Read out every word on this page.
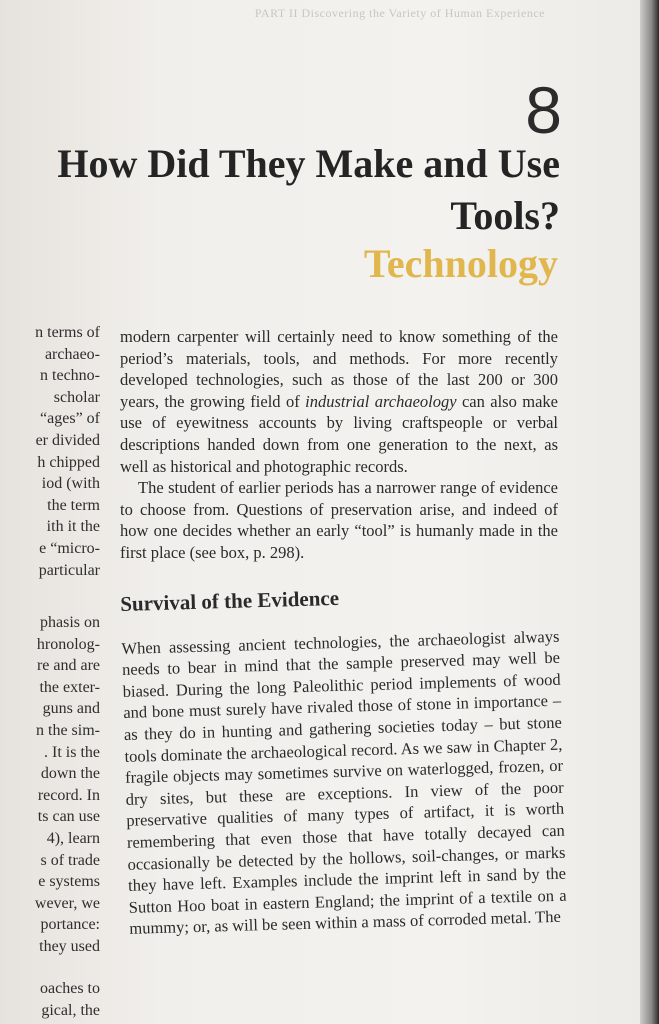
PART II Discovering the Variety of Human Experience
8
How Did They Make and Use Tools?
Technology
n terms of
archaeo-
n techno-
scholar
“ages” of
er divided
h chipped
iod (with
the term
ith it the
e “micro-
particular
phasis on
hronolog-
re and are
the exter-
guns and
n the sim-
. It is the
down the
record. In
ts can use
4), learn
s of trade
e systems
wever, we
portance:
they used
oaches to
gical, the

modern carpenter will certainly need to know something of the period’s materials, tools, and methods. For more recently developed technologies, such as those of the last 200 or 300 years, the growing field of industrial archaeology can also make use of eyewitness accounts by living craftspeople or verbal descriptions handed down from one generation to the next, as well as historical and photographic records.

The student of earlier periods has a narrower range of evidence to choose from. Questions of preservation arise, and indeed of how one decides whether an early “tool” is humanly made in the first place (see box, p. 298).

Survival of the Evidence

When assessing ancient technologies, the archaeologist always needs to bear in mind that the sample preserved may well be biased. During the long Paleolithic period implements of wood and bone must surely have rivaled those of stone in importance – as they do in hunting and gathering societies today – but stone tools dominate the archaeological record. As we saw in Chapter 2, fragile objects may sometimes survive on waterlogged, frozen, or dry sites, but these are exceptions. In view of the poor preservative qualities of many types of artifact, it is worth remembering that even those that have totally decayed can occasionally be detected by the hollows, soil-changes, or marks they have left. Examples include the imprint left in sand by the Sutton Hoo boat in eastern England; the imprint of a textile on a mummy; or, as will be seen within a mass of corroded metal. The
